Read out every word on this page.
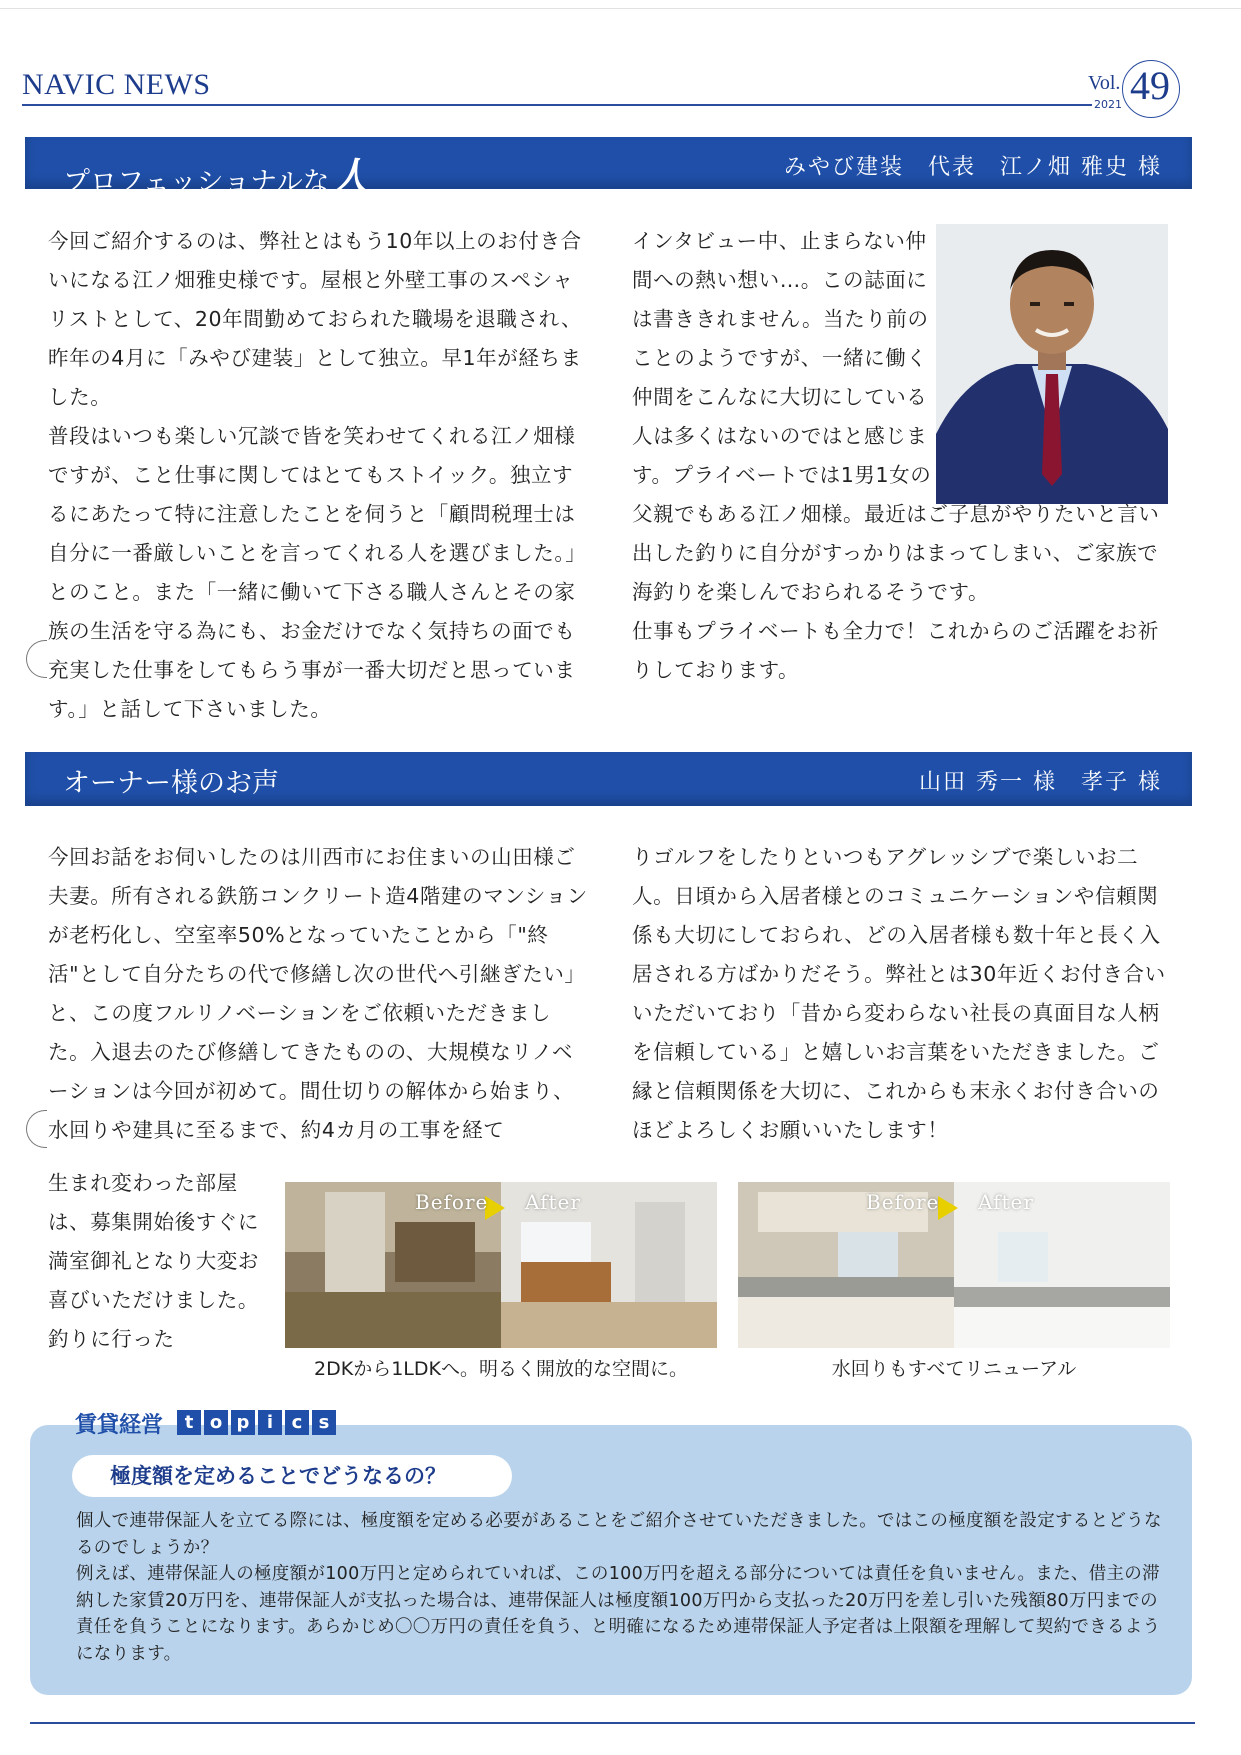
NAVIC NEWS	Vol. 49
2021
プロフェッショナルな人	みやび建装　代表　江ノ畑 雅史 様

今回ご紹介するのは、弊社とはもう10年以上のお付き合いになる江ノ畑雅史様です。屋根と外壁工事のスペシャリストとして、20年間勤めておられた職場を退職され、昨年の4月に「みやび建装」として独立。早1年が経ちました。

普段はいつも楽しい冗談で皆を笑わせてくれる江ノ畑様ですが、こと仕事に関してはとてもストイック。独立するにあたって特に注意したことを伺うと「顧問税理士は自分に一番厳しいことを言ってくれる人を選びました。」とのこと。また「一緒に働いて下さる職人さんとその家族の生活を守る為にも、お金だけでなく気持ちの面でも充実した仕事をしてもらう事が一番大切だと思っています。」と話して下さいました。

インタビュー中、止まらない仲間への熱い想い…。この誌面には書ききれません。当たり前のことのようですが、一緒に働く仲間をこんなに大切にしている人は多くはないのではと感じます。プライベートでは1男1女の

父親でもある江ノ畑様。最近はご子息がやりたいと言い出した釣りに自分がすっかりはまってしまい、ご家族で海釣りを楽しんでおられるそうです。

仕事もプライベートも全力で！これからのご活躍をお祈りしております。

オーナー様のお声	山田 秀一 様　孝子 様

今回お話をお伺いしたのは川西市にお住まいの山田様ご夫妻。所有される鉄筋コンクリート造4階建のマンションが老朽化し、空室率50%となっていたことから「"終活"として自分たちの代で修繕し次の世代へ引継ぎたい」と、この度フルリノベーションをご依頼いただきました。入退去のたび修繕してきたものの、大規模なリノベーションは今回が初めて。間仕切りの解体から始まり、水回りや建具に至るまで、約4カ月の工事を経て

りゴルフをしたりといつもアグレッシブで楽しいお二人。日頃から入居者様とのコミュニケーションや信頼関係も大切にしておられ、どの入居者様も数十年と長く入居される方ばかりだそう。弊社とは30年近くお付き合いいただいており「昔から変わらない社長の真面目な人柄を信頼している」と嬉しいお言葉をいただきました。ご縁と信頼関係を大切に、これからも末永くお付き合いのほどよろしくお願いいたします！

生まれ変わった部屋は、募集開始後すぐに満室御礼となり大変お喜びいただけました。釣りに行った

Before After
2DKから1LDKへ。明るく開放的な空間に。
Before After
水回りもすべてリニューアル
賃貸経営	t o p i c s
極度額を定めることでどうなるの？

個人で連帯保証人を立てる際には、極度額を定める必要があることをご紹介させていただきました。ではこの極度額を設定するとどうなるのでしょうか？

例えば、連帯保証人の極度額が100万円と定められていれば、この100万円を超える部分については責任を負いません。また、借主の滞納した家賃20万円を、連帯保証人が支払った場合は、連帯保証人は極度額100万円から支払った20万円を差し引いた残額80万円までの責任を負うことになります。あらかじめ〇〇万円の責任を負う、と明確になるため連帯保証人予定者は上限額を理解して契約できるようになります。
